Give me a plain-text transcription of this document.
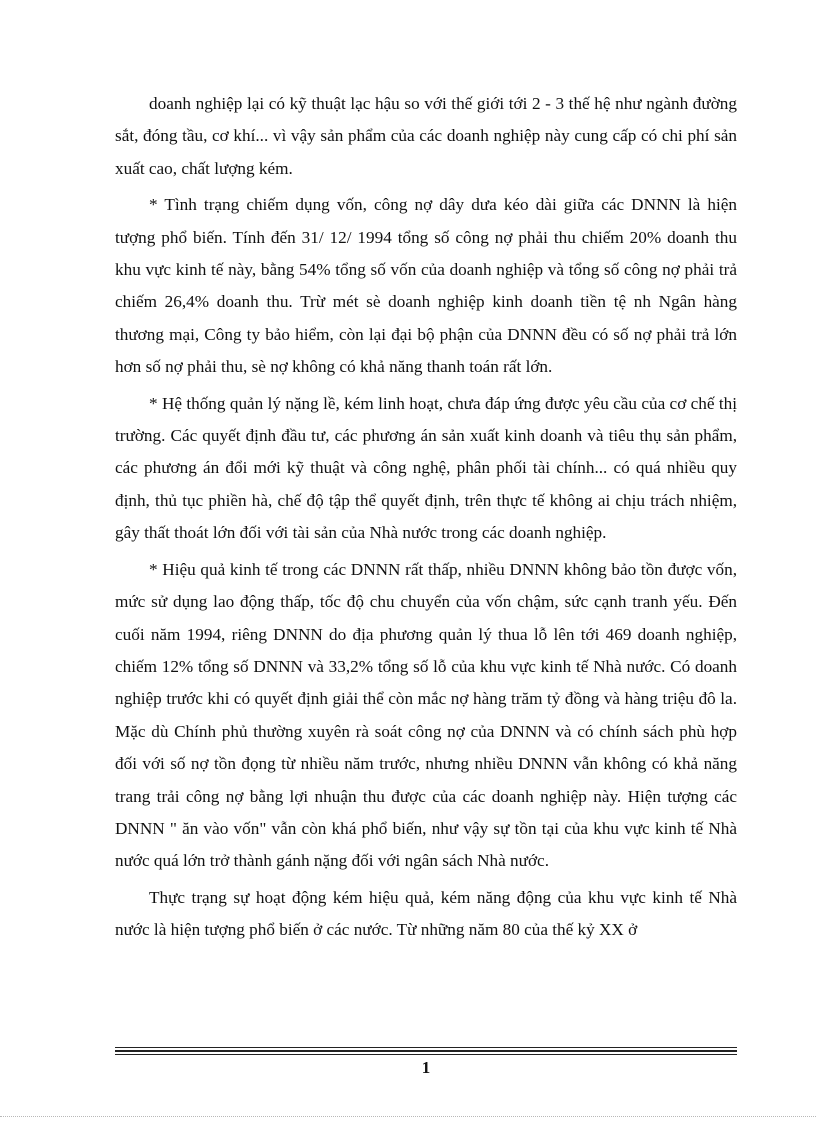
doanh nghiệp lại có kỹ thuật lạc hậu so với thế giới tới 2 - 3 thế hệ như ngành đường sắt, đóng tầu, cơ khí... vì vậy sản phẩm của các doanh nghiệp này cung cấp có chi phí sản xuất cao, chất lượng kém.

* Tình trạng chiếm dụng vốn, công nợ dây dưa kéo dài giữa các DNNN là hiện tượng phổ biến. Tính đến 31/ 12/ 1994 tổng số công nợ phải thu chiếm 20% doanh thu khu vực kinh tế này, bằng 54% tổng số vốn của doanh nghiệp và tổng số công nợ phải trả chiếm 26,4% doanh thu. Trừ mét sè doanh nghiệp kinh doanh tiền tệ nh Ngân hàng thương mại, Công ty bảo hiểm, còn lại đại bộ phận của DNNN đều có số nợ phải trả lớn hơn số nợ phải thu, sè nợ không có khả năng thanh toán rất lớn.

* Hệ thống quản lý nặng lề, kém linh hoạt, chưa đáp ứng được yêu cầu của cơ chế thị trường. Các quyết định đầu tư, các phương án sản xuất kinh doanh và tiêu thụ sản phẩm, các phương án đổi mới kỹ thuật và công nghệ, phân phối tài chính... có quá nhiều quy định, thủ tục phiền hà, chế độ tập thể quyết định, trên thực tế không ai chịu trách nhiệm, gây thất thoát lớn đối với tài sản của Nhà nước trong các doanh nghiệp.

* Hiệu quả kinh tế trong các DNNN rất thấp, nhiều DNNN không bảo tồn được vốn, mức sử dụng lao động thấp, tốc độ chu chuyển của vốn chậm, sức cạnh tranh yếu. Đến cuối năm 1994, riêng DNNN do địa phương quản lý thua lỗ lên tới 469 doanh nghiệp, chiếm 12% tổng số DNNN và 33,2% tổng số lỗ của khu vực kinh tế Nhà nước. Có doanh nghiệp trước khi có quyết định giải thể còn mắc nợ hàng trăm tỷ đồng và hàng triệu đô la. Mặc dù Chính phủ thường xuyên rà soát công nợ của DNNN và có chính sách phù hợp đối với số nợ tồn đọng từ nhiều năm trước, nhưng nhiều DNNN vẫn không có khả năng trang trải công nợ bằng lợi nhuận thu được của các doanh nghiệp này. Hiện tượng các DNNN " ăn vào vốn" vẫn còn khá phổ biến, như vậy sự tồn tại của khu vực kinh tế Nhà nước quá lớn trở thành gánh nặng đối với ngân sách Nhà nước.

Thực trạng sự hoạt động kém hiệu quả, kém năng động của khu vực kinh tế Nhà nước là hiện tượng phổ biến ở các nước. Từ những năm 80 của thế kỷ XX ở

1
